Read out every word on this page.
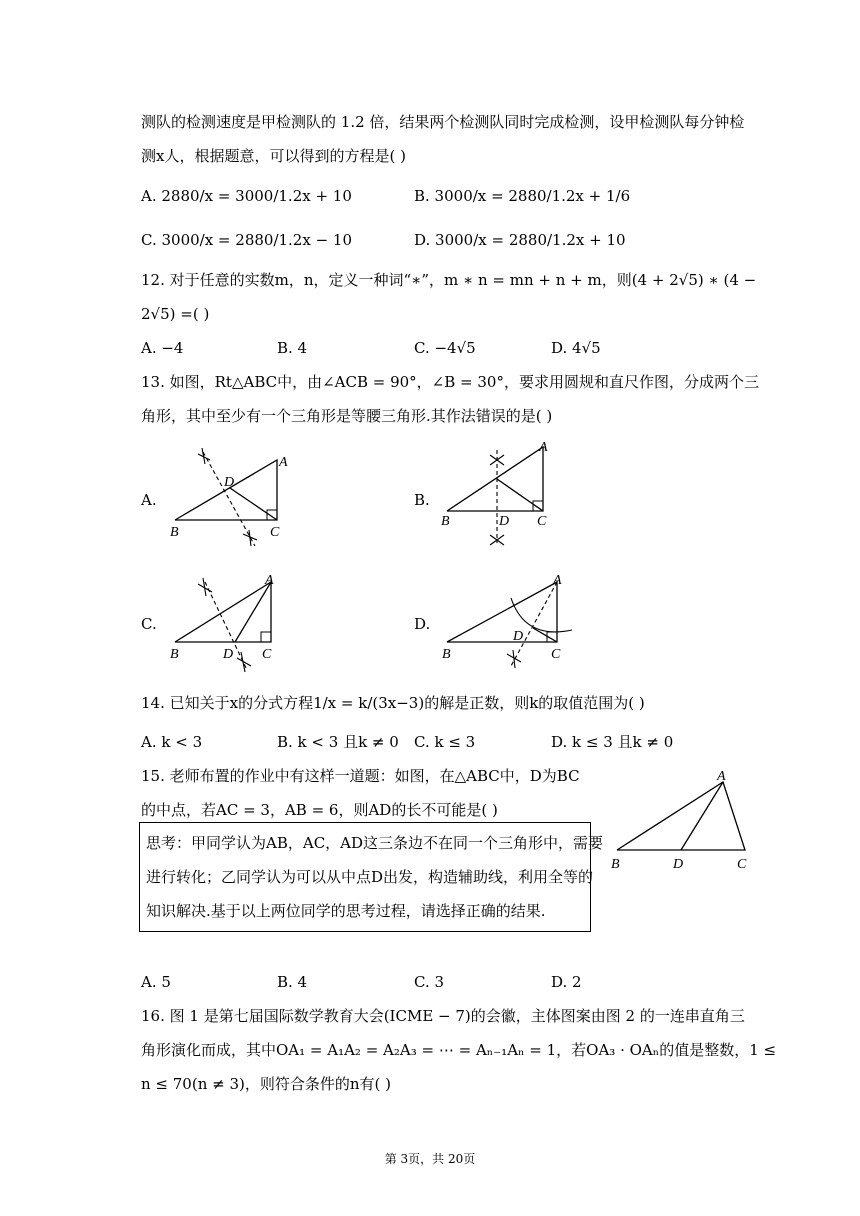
测队的检测速度是甲检测队的 1.2 倍，结果两个检测队同时完成检测，设甲检测队每分钟检
测x人，根据题意，可以得到的方程是( )
A. 2880/x = 3000/1.2x + 10	B. 3000/x = 2880/1.2x + 1/6
C. 3000/x = 2880/1.2x − 10	D. 3000/x = 2880/1.2x + 10
12. 对于任意的实数m，n，定义一种词“∗”，m ∗ n = mn + n + m，则(4 + 2√5) ∗ (4 −
2√5) =( )
A. −4	B. 4	C. −4√5	D. 4√5
13. 如图，Rt△ABC中，由∠ACB = 90°，∠B = 30°，要求用圆规和直尺作图，分成两个三
角形，其中至少有一个三角形是等腰三角形.其作法错误的是( )
A.
A
B	C
D
B.
A
B	C
D
C.
A
B	C
D
D.
A
B	C
D
14. 已知关于x的分式方程1/x = k/(3x−3)的解是正数，则k的取值范围为( )
A. k < 3	B. k < 3 且k ≠ 0 C. k ≤ 3	D. k ≤ 3 且k ≠ 0
15. 老师布置的作业中有这样一道题：如图，在△ABC中，D为BC
的中点，若AC = 3，AB = 6，则AD的长不可能是( )
思考：甲同学认为AB，AC，AD这三条边不在同一个三角形中，需要
进行转化；乙同学认为可以从中点D出发，构造辅助线，利用全等的
知识解决.基于以上两位同学的思考过程，请选择正确的结果.
A
B	D	C
A. 5	B. 4	C. 3	D. 2
16. 图 1 是第七届国际数学教育大会(ICME − 7)的会徽，主体图案由图 2 的一连串直角三
角形演化而成，其中OA₁ = A₁A₂ = A₂A₃ = ⋯ = Aₙ₋₁Aₙ = 1，若OA₃ · OAₙ的值是整数，1 ≤
n ≤ 70(n ≠ 3)，则符合条件的n有( )
第 3页，共 20页
